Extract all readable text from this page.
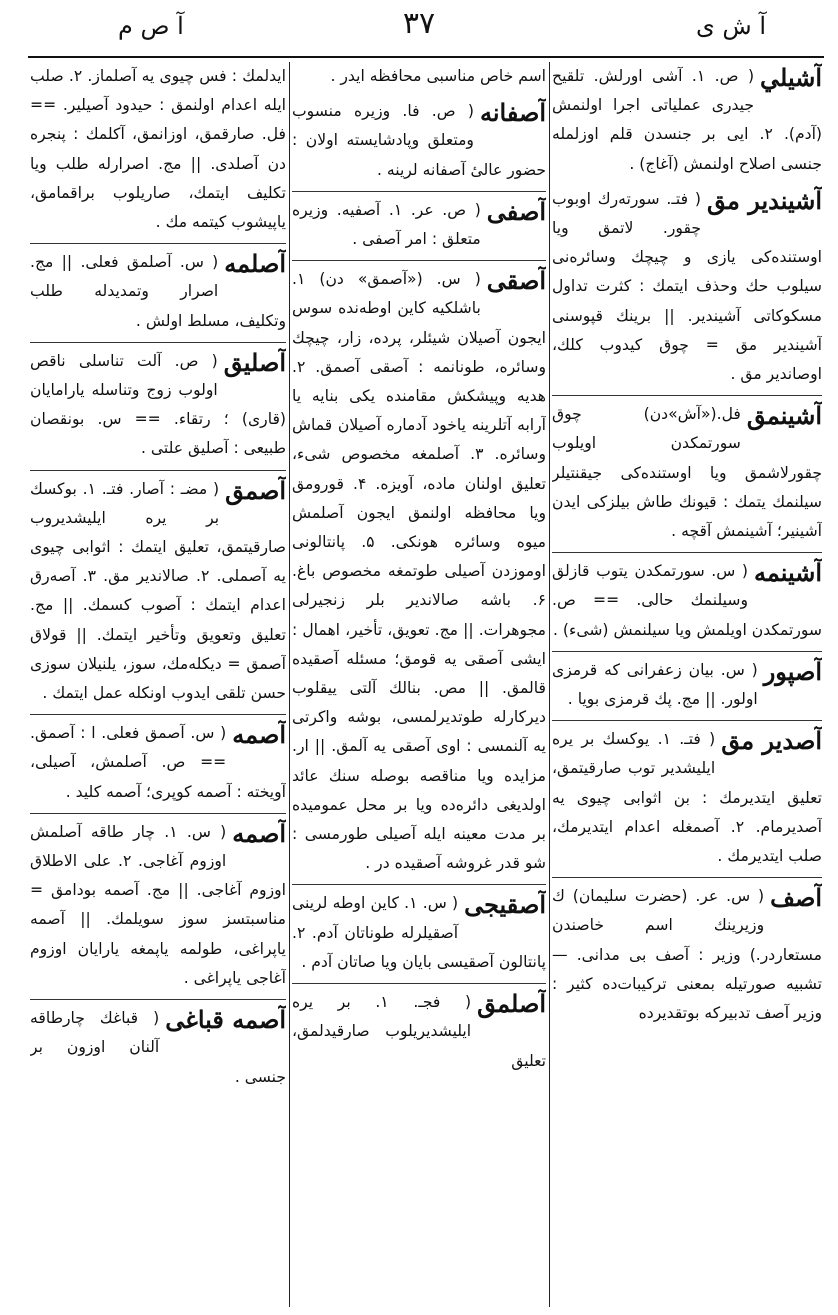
آ ش ى
۳۷
آ ص م

آشيلي
( ص. ۱. آشى اورلش. تلقيح جيدرى عملياتى اجرا اولنمش (آدم). ۲. ايى بر جنسدن قلم اوزلمله جنسى اصلاح اولنمش (آغاج) .

آشيندير مق
( فتـ. سورتەرك اوبوب چقور. لاتمق ويا اوستندەكى يازى و چيچك وسائرەنى سيلوب حك وحذف ايتمك : كثرت تداول مسكوكاتى آشيندير. || برينك قپوسنى آشيندير مق = چوق كيدوب كلك، اوصاندير مق .

آشينمق
فل.(«آش»دن) چوق سورتمكدن اويلوب چقورلاشمق ويا اوستندەكى جيقنتيلر سيلنمك يتمك : قيونك طاش بيلزكى ايدن آشينير؛ آشينمش آقچه .

آشينمه
( س. سورتمكدن يتوب قازلق وسيلنمك حالى. == ص. سورتمكدن اويلمش ويا سيلنمش (شىء) .

آصپور
( س. بيان زعفرانى كه قرمزى اولور. || مج. پك قرمزى بويا .

آصدير مق
( فتـ. ۱. يوكسك بر يره ايليشدير توب صارقيتمق، تعليق ايتديرمك : بن اثوابى چيوى يه آصديرمام. ۲. آصمغله اعدام ايتديرمك، صلب ايتديرمك .

آصف
( س. عر. (حضرت سليمان) ك وزيرينك اسم خاصندن مستعاردر.) وزير : آصف بى مدانى. — تشبيه صورتيله بمعنى تركيبات‌دە كثير : وزير آصف تدبيركه بوتقديرده

اسم خاص مناسبى محافظه ايدر .

آصفانه
( ص. فا. وزيره منسوب ومتعلق وپادشايسته اولان : حضور عالیٔ آصفانه لرينه .

آصفى
( ص. عر. ۱. آصفيه. وزيره متعلق : امر آصفى .

آصقى
( س. («آصمق» دن) ۱. باشلكيه كاين اوطەندە سوس ايجون آصيلان شيئلر، پردە، زار، چيچك وسائرە، طونانمە : آصقى آصمق. ۲. هديه وپيشكش مقامندە يكى بنايه يا آرابه آتلرينه ياخود آدمارە آصيلان قماش وسائرە. ۳. آصلمغه مخصوص شىء، تعليق اولنان مادە، آويزه. ۴. قورومق ويا محافظه اولنمق ايجون آصلمش ميوە وسائرە هونكى. ۵. پانتالونى اوموزدن آصيلى طوتمغه مخصوص باغ. ۶. باشه صالاندير بلر زنجيرلى مجوهرات. || مج. تعويق، تأخير، اهمال : ايشى آصقى يه قومق؛ مسئلە آصقيدە قالمق. || مص. بنالك آلتى ييقلوب ديركارله طوتديرلمسى، بوشه واكرتى يه آلنمسى : اوى آصقى يه آلمق. || ار. مزايدە ويا مناقصه بوصله سنك عائد اولديغى دائرەدە ويا بر محل عموميدە بر مدت معينه ايله آصيلى طورمسى : شو قدر غروشه آصقيدە در .

آصقيجى
( س. ۱. كاين اوطه لرينى آصقيلرله طوناتان آدم. ۲. پانتالون آصقيسى بايان ويا صاتان آدم .

آصلمق
( فجـ. ۱. بر يره ايليشديريلوب صارقيدلمق، تعليق

ايدلمك : فس چيوى يه آصلماز. ۲. صلب ايله اعدام اولنمق : حيدود آصيلير. == فل. صارقمق، اوزانمق، آكلمك : پنجره دن آصلدى. || مج. اصرارله طلب ويا تكليف ايتمك، صاريلوب براقمامق، ياپيشوب كيتمه مك .

آصلمه
( س. آصلمق فعلى. || مج. اصرار وتمديدله طلب وتكليف، مسلط اولش .

آصليق
( ص. آلت تناسلى ناقص اولوب زوج وتناسله يارامايان (قارى) ؛ رتقاء. == س. بونقصان طبيعى : آصليق علتى .

آصمق
( مضـ : آصار. فتـ. ۱. بوكسك بر يره ايليشديروب صارقيتمق، تعليق ايتمك : اثوابى چيوى يه آصملى. ۲. صالاندير مق. ۳. آصەرق اعدام ايتمك : آصوب كسمك. || مج. تعليق وتعويق وتأخير ايتمك. || قولاق آصمق = ديكلەمك، سوز، يلنيلان سوزى حسن تلقى ايدوب اونكله عمل ايتمك .

آصمه
( س. آصمق فعلى. ا : آصمق. == ص. آصلمش، آصيلى، آويخته : آصمه كوپرى؛ آصمه كليد .

آصمه
( س. ۱. چار طاقه آصلمش اوزوم آغاجى. ۲. على الاطلاق اوزوم آغاجى. || مج. آصمه بودامق = مناسبتسز سوز سويلمك. || آصمه ياپراغى، طولمه ياپمغه يارايان اوزوم آغاجى ياپراغى .

آصمه قباغى
( قباغك چارطاقه آلنان اوزون بر جنسى .
